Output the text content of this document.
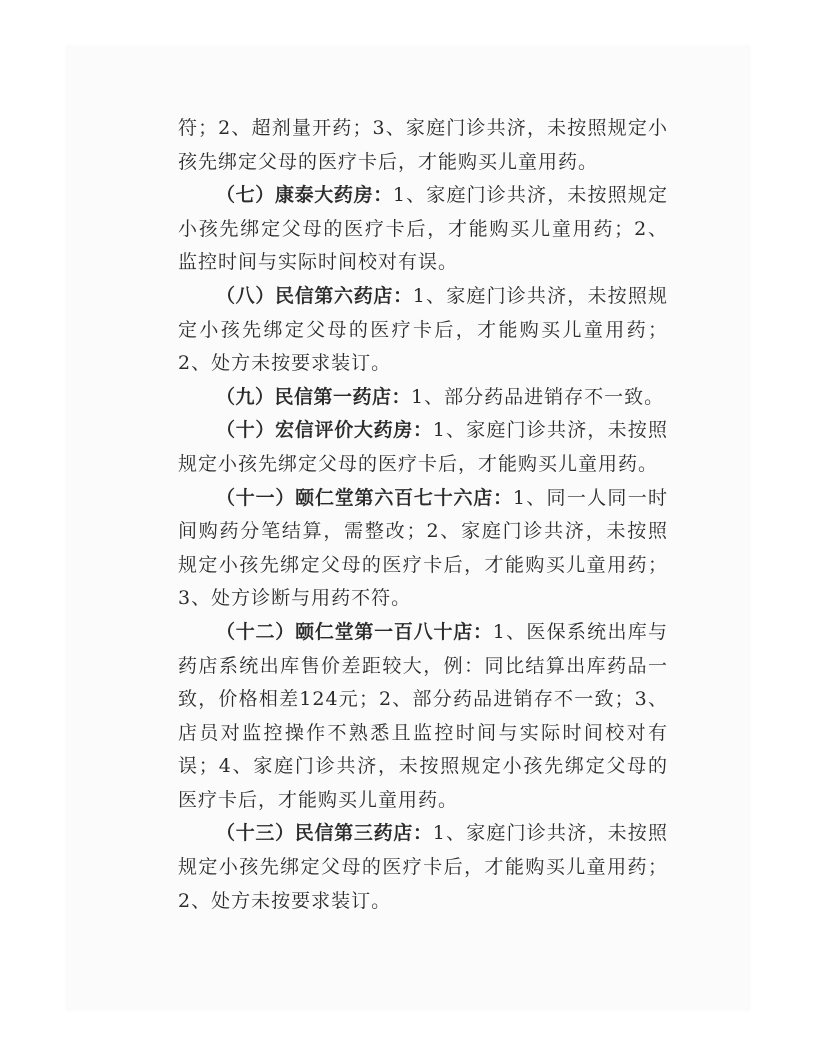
符；2、超剂量开药；3、家庭门诊共济，未按照规定小孩先绑定父母的医疗卡后，才能购买儿童用药。

（七）康泰大药房：1、家庭门诊共济，未按照规定小孩先绑定父母的医疗卡后，才能购买儿童用药；2、监控时间与实际时间校对有误。

（八）民信第六药店：1、家庭门诊共济，未按照规定小孩先绑定父母的医疗卡后，才能购买儿童用药；2、处方未按要求装订。

（九）民信第一药店：1、部分药品进销存不一致。

（十）宏信评价大药房：1、家庭门诊共济，未按照规定小孩先绑定父母的医疗卡后，才能购买儿童用药。

（十一）颐仁堂第六百七十六店：1、同一人同一时间购药分笔结算，需整改；2、家庭门诊共济，未按照规定小孩先绑定父母的医疗卡后，才能购买儿童用药；3、处方诊断与用药不符。

（十二）颐仁堂第一百八十店：1、医保系统出库与药店系统出库售价差距较大，例：同比结算出库药品一致，价格相差124元；2、部分药品进销存不一致；3、店员对监控操作不熟悉且监控时间与实际时间校对有误；4、家庭门诊共济，未按照规定小孩先绑定父母的医疗卡后，才能购买儿童用药。

（十三）民信第三药店：1、家庭门诊共济，未按照规定小孩先绑定父母的医疗卡后，才能购买儿童用药；2、处方未按要求装订。
